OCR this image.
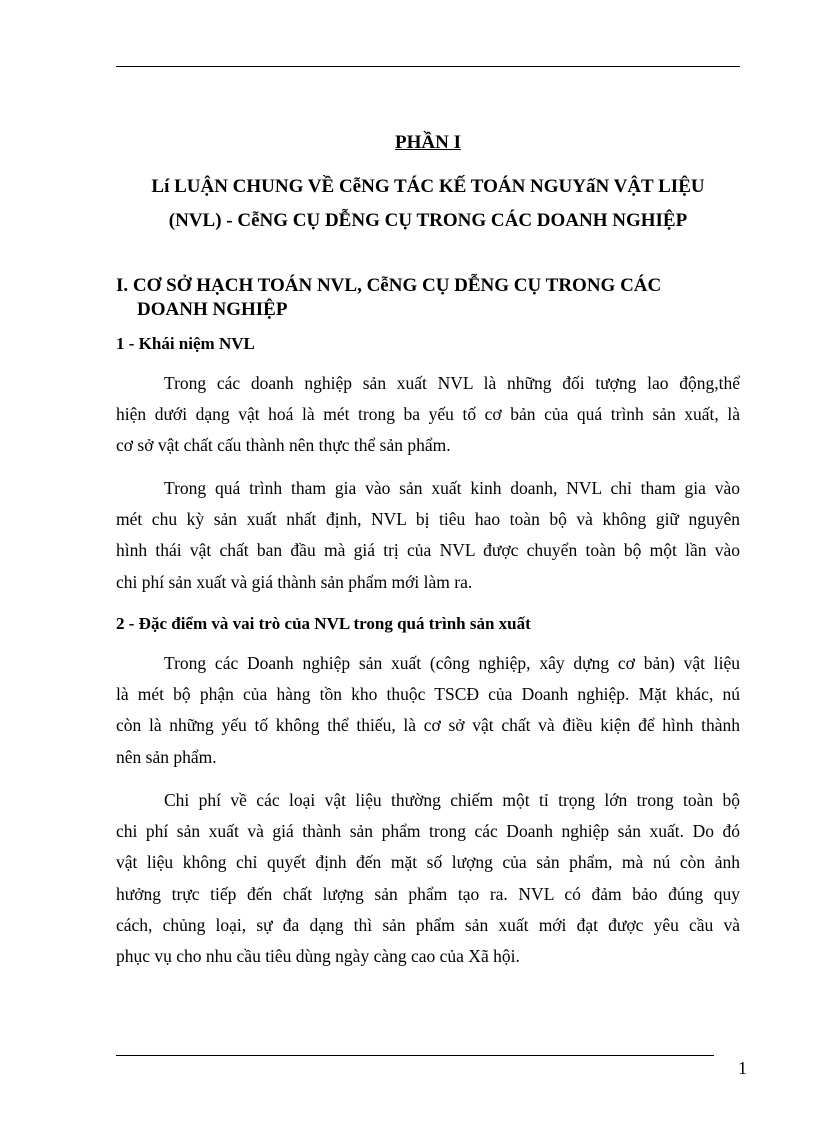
PHẦN I
Lí LUẬN CHUNG VỀ CễNG TÁC KẾ TOÁN NGUYấN VẬT LIỆU
(NVL) - CễNG CỤ DỄNG CỤ TRONG CÁC DOANH NGHIỆP
I. CƠ SỞ HẠCH TOÁN NVL, CễNG CỤ DỄNG CỤ TRONG CÁC
DOANH NGHIỆP
1 - Khái niệm NVL
Trong các doanh nghiệp sản xuất NVL là những đối tượng lao động,thể
hiện dưới dạng vật hoá là mét trong ba yếu tố cơ bản của quá trình sản xuất, là
cơ sở vật chất cấu thành nên thực thể sản phẩm.
Trong quá trình tham gia vào sản xuất kinh doanh, NVL chỉ tham gia vào
mét chu kỳ sản xuất nhất định, NVL bị tiêu hao toàn bộ và không giữ nguyên
hình thái vật chất ban đầu mà giá trị của NVL được chuyển toàn bộ một lần vào
chi phí sản xuất và giá thành sản phẩm mới làm ra.
2 - Đặc điểm và vai trò của NVL trong quá trình sản xuất
Trong các Doanh nghiệp sản xuất (công nghiệp, xây dựng cơ bản) vật liệu
là mét bộ phận của hàng tồn kho thuộc TSCĐ của Doanh nghiệp. Mặt khác, nú
còn là những yếu tố không thể thiếu, là cơ sở vật chất và điều kiện để hình thành
nên sản phẩm.
Chi phí về các loại vật liệu thường chiếm một tỉ trọng lớn trong toàn bộ
chi phí sản xuất và giá thành sản phẩm trong các Doanh nghiệp sản xuất. Do đó
vật liệu không chỉ quyết định đến mặt số lượng của sản phẩm, mà nú còn ảnh
hưởng trực tiếp đến chất lượng sản phẩm tạo ra. NVL có đảm bảo đúng quy
cách, chủng loại, sự đa dạng thì sản phẩm sản xuất mới đạt được yêu cầu và
phục vụ cho nhu cầu tiêu dùng ngày càng cao của Xã hội.
1
